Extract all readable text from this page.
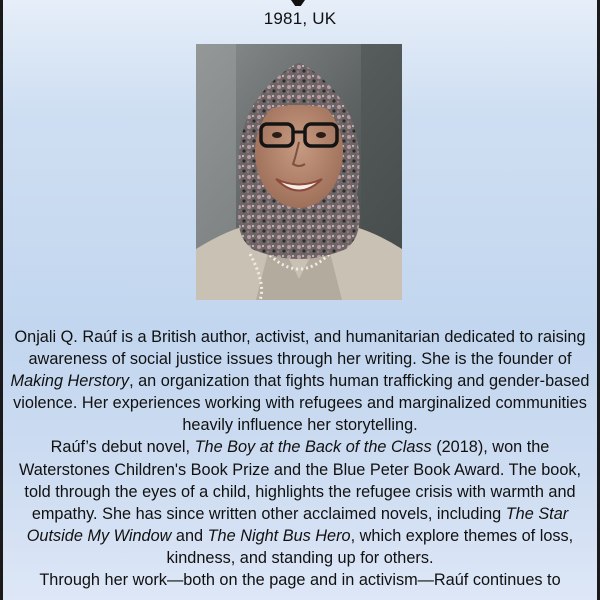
1981, UK

Onjali Q. Raúf is a British author, activist, and humanitarian dedicated to raising awareness of social justice issues through her writing. She is the founder of Making Herstory, an organization that fights human trafficking and gender-based violence. Her experiences working with refugees and marginalized communities heavily influence her storytelling.

Raúf’s debut novel, The Boy at the Back of the Class (2018), won the Waterstones Children's Book Prize and the Blue Peter Book Award. The book, told through the eyes of a child, highlights the refugee crisis with warmth and empathy. She has since written other acclaimed novels, including The Star Outside My Window and The Night Bus Hero, which explore themes of loss, kindness, and standing up for others.

Through her work—both on the page and in activism—Raúf continues to
